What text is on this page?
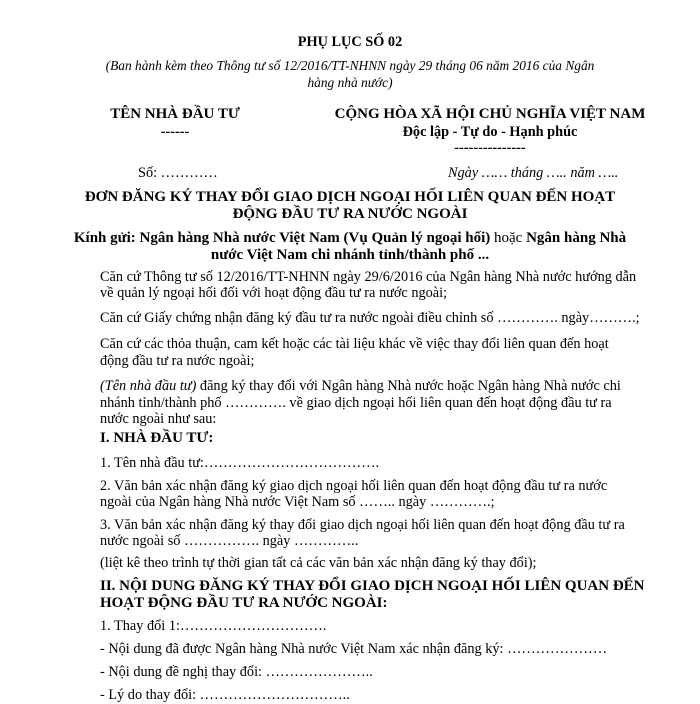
PHỤ LỤC SỐ 02
(Ban hành kèm theo Thông tư số 12/2016/TT-NHNN ngày 29 tháng 06 năm 2016 của Ngân
hàng nhà nước)
TÊN NHÀ ĐẦU TƯ
------
CỘNG HÒA XÃ HỘI CHỦ NGHĨA VIỆT NAM
Độc lập - Tự do - Hạnh phúc
---------------
Số: …………	Ngày …… tháng ….. năm …..
ĐƠN ĐĂNG KÝ THAY ĐỔI GIAO DỊCH NGOẠI HỐI LIÊN QUAN ĐẾN HOẠT
ĐỘNG ĐẦU TƯ RA NƯỚC NGOÀI
Kính gửi: Ngân hàng Nhà nước Việt Nam (Vụ Quản lý ngoại hối) hoặc Ngân hàng Nhà
nước Việt Nam chi nhánh tỉnh/thành phố ...
Căn cứ Thông tư số 12/2016/TT-NHNN ngày 29/6/2016 của Ngân hàng Nhà nước hướng dẫn
về quản lý ngoại hối đối với hoạt động đầu tư ra nước ngoài;
Căn cứ Giấy chứng nhận đăng ký đầu tư ra nước ngoài điều chỉnh số …………. ngày……….;
Căn cứ các thỏa thuận, cam kết hoặc các tài liệu khác về việc thay đổi liên quan đến hoạt
động đầu tư ra nước ngoài;
(Tên nhà đầu tư) đăng ký thay đổi với Ngân hàng Nhà nước hoặc Ngân hàng Nhà nước chi
nhánh tỉnh/thành phố …………. về giao dịch ngoại hối liên quan đến hoạt động đầu tư ra
nước ngoài như sau:
I. NHÀ ĐẦU TƯ:
1. Tên nhà đầu tư:……………………………….
2. Văn bản xác nhận đăng ký giao dịch ngoại hối liên quan đến hoạt động đầu tư ra nước
ngoài của Ngân hàng Nhà nước Việt Nam số …….. ngày ………….;
3. Văn bản xác nhận đăng ký thay đổi giao dịch ngoại hối liên quan đến hoạt động đầu tư ra
nước ngoài số ……………. ngày …………..
(liệt kê theo trình tự thời gian tất cả các văn bản xác nhận đăng ký thay đổi);
II. NỘI DUNG ĐĂNG KÝ THAY ĐỔI GIAO DỊCH NGOẠI HỐI LIÊN QUAN ĐẾN
HOẠT ĐỘNG ĐẦU TƯ RA NƯỚC NGOÀI:
1. Thay đổi 1:………………………….
- Nội dung đã được Ngân hàng Nhà nước Việt Nam xác nhận đăng ký: …………………
- Nội dung đề nghị thay đổi: …………………..
- Lý do thay đổi: …………………………..
